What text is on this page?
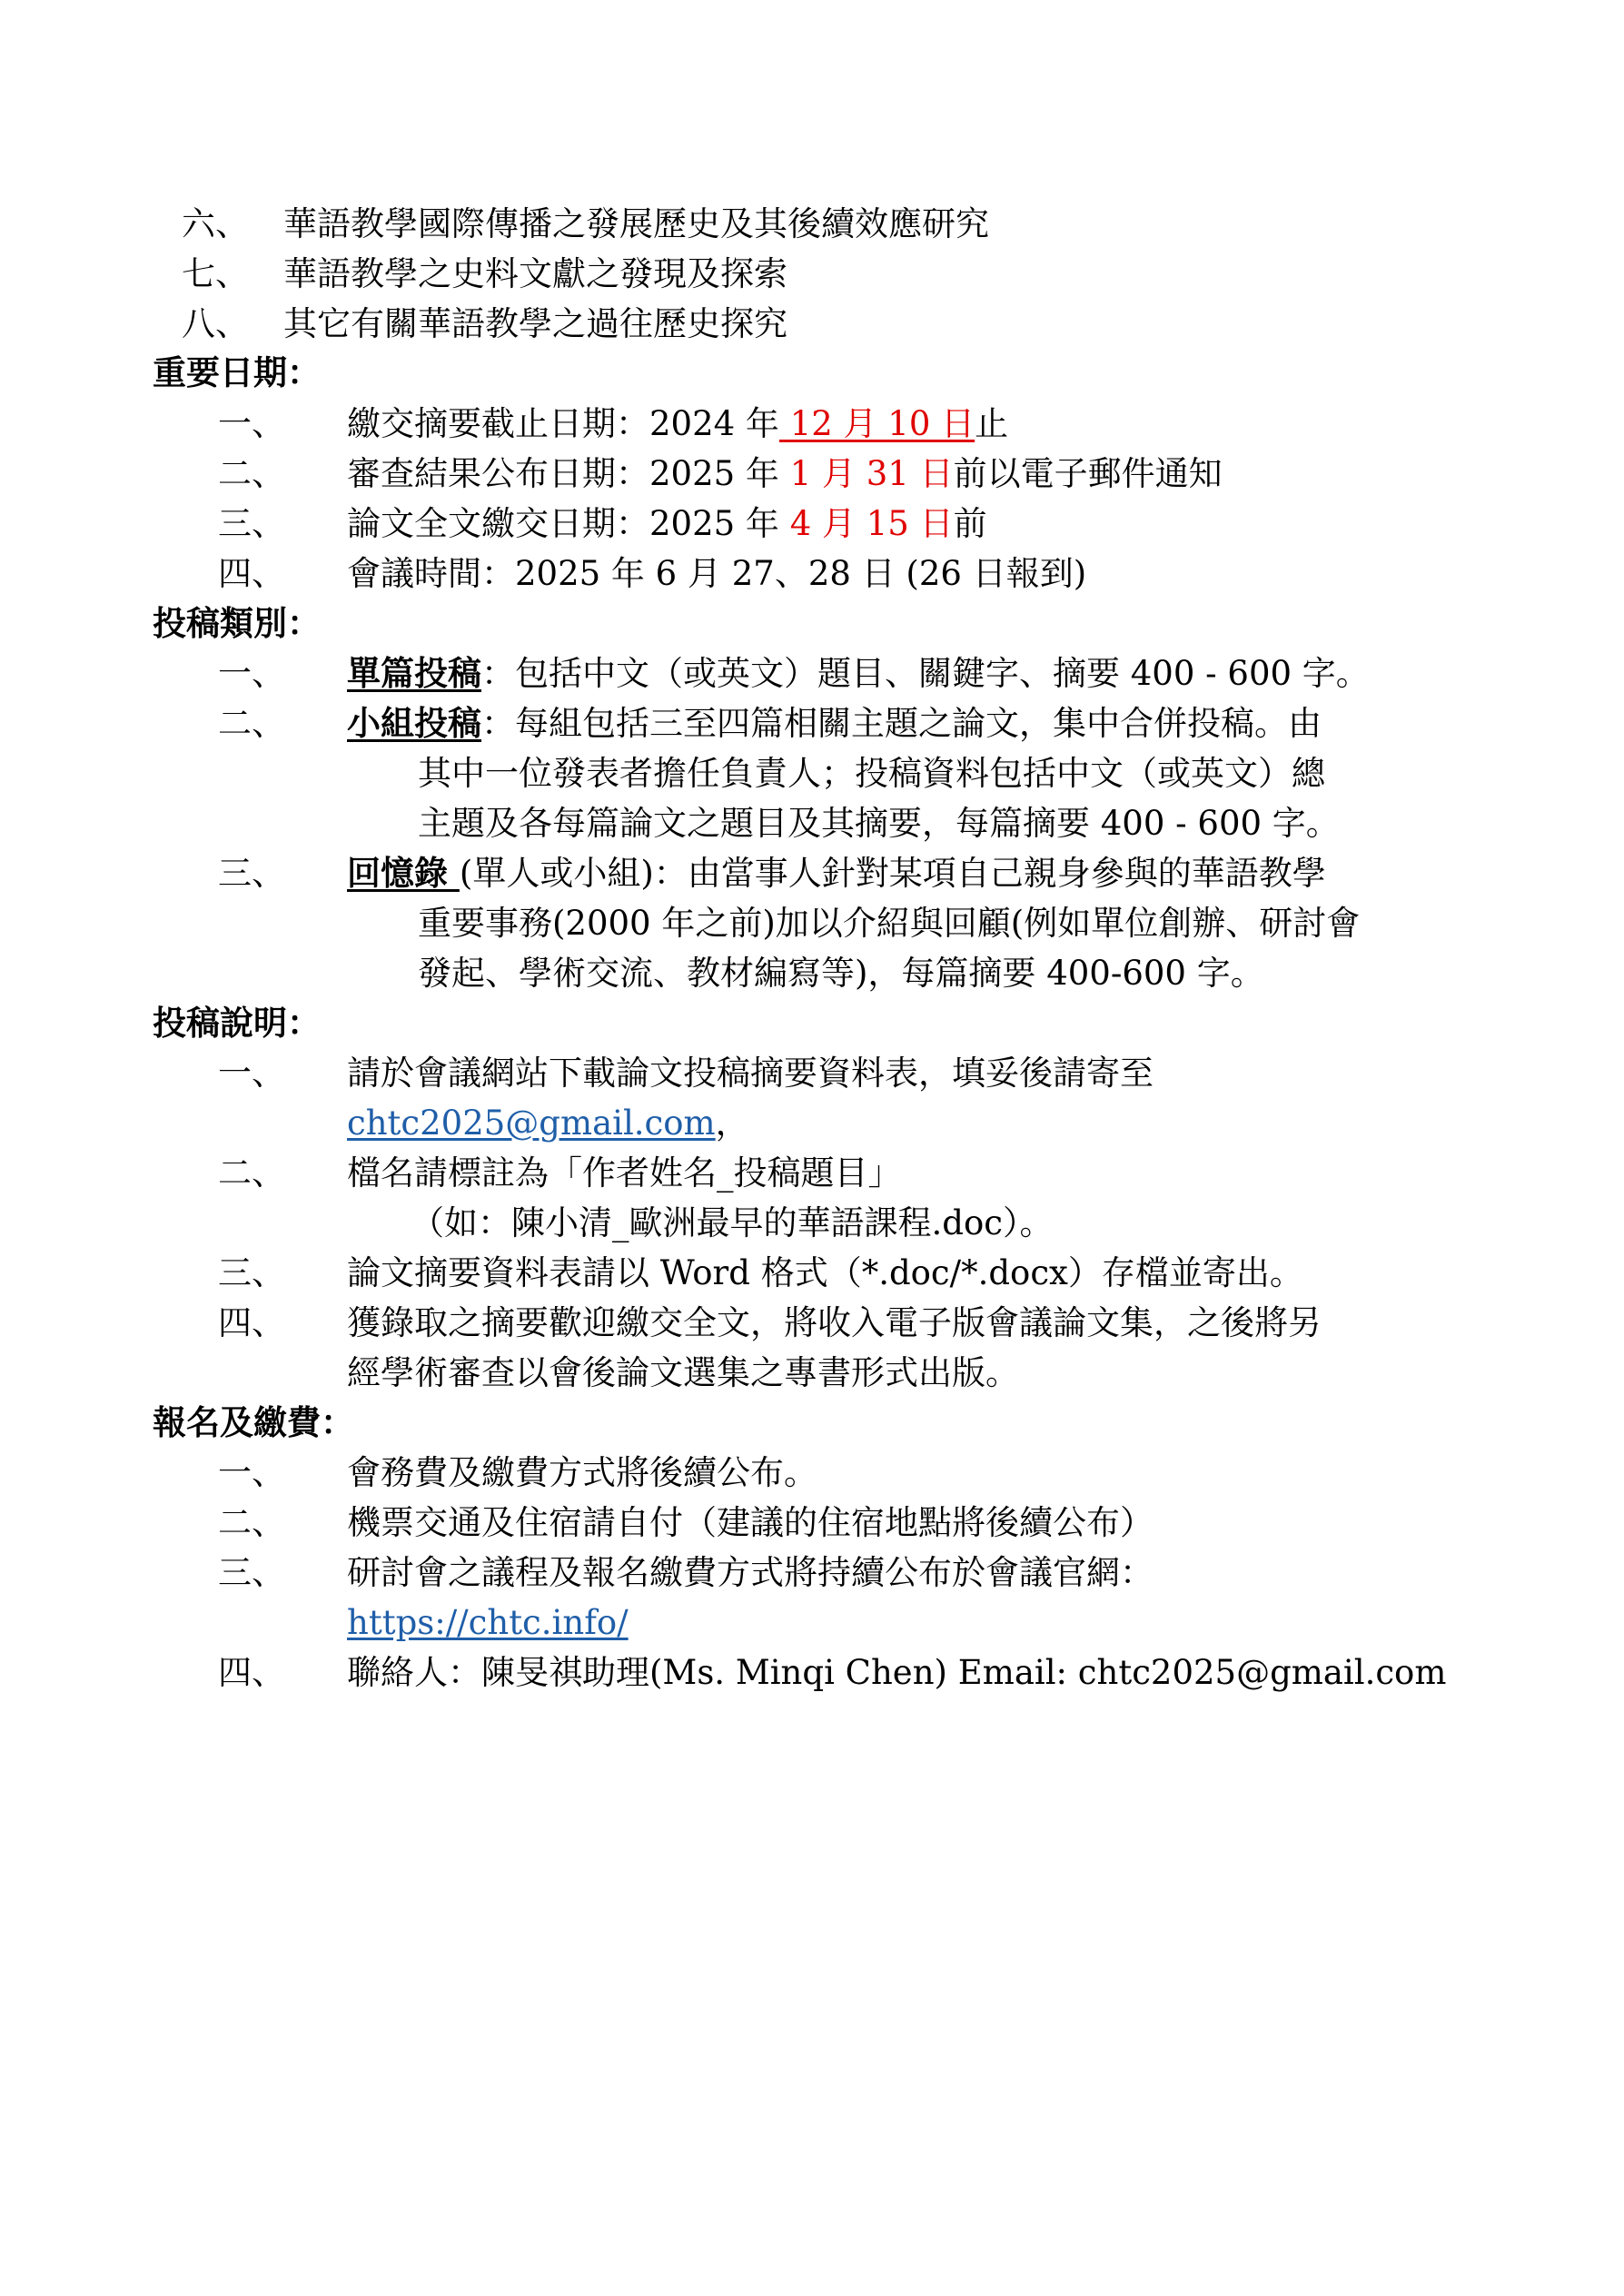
六、 華語教學國際傳播之發展歷史及其後續效應研究
七、 華語教學之史料文獻之發現及探索
八、 其它有關華語教學之過往歷史探究
重要日期：
一、 繳交摘要截止日期：2024 年 12 月 10 日止
二、 審查結果公布日期：2025 年 1 月 31 日前以電子郵件通知
三、 論文全文繳交日期：2025 年 4 月 15 日前
四、 會議時間：2025 年 6 月 27、28 日 (26 日報到)
投稿類別：
一、 單篇投稿：包括中文（或英文）題目、關鍵字、摘要 400 - 600 字。
二、 小組投稿：每組包括三至四篇相關主題之論文，集中合併投稿。由
其中一位發表者擔任負責人；投稿資料包括中文（或英文）總
主題及各每篇論文之題目及其摘要，每篇摘要 400 - 600 字。
三、 回憶錄 (單人或小組)：由當事人針對某項自己親身參與的華語教學
重要事務(2000 年之前)加以介紹與回顧(例如單位創辦、研討會
發起、學術交流、教材編寫等)，每篇摘要 400-600 字。
投稿說明：
一、 請於會議網站下載論文投稿摘要資料表，填妥後請寄至
chtc2025@gmail.com，
二、 檔名請標註為「作者姓名_投稿題目」
（如：陳小清_歐洲最早的華語課程.doc）。
三、 論文摘要資料表請以 Word 格式（*.doc/*.docx）存檔並寄出。
四、 獲錄取之摘要歡迎繳交全文，將收入電子版會議論文集，之後將另
經學術審查以會後論文選集之專書形式出版。
報名及繳費：
一、 會務費及繳費方式將後續公布。
二、 機票交通及住宿請自付（建議的住宿地點將後續公布）
三、 研討會之議程及報名繳費方式將持續公布於會議官網：
https://chtc.info/
四、 聯絡人：陳旻祺助理(Ms. Minqi Chen) Email: chtc2025@gmail.com
